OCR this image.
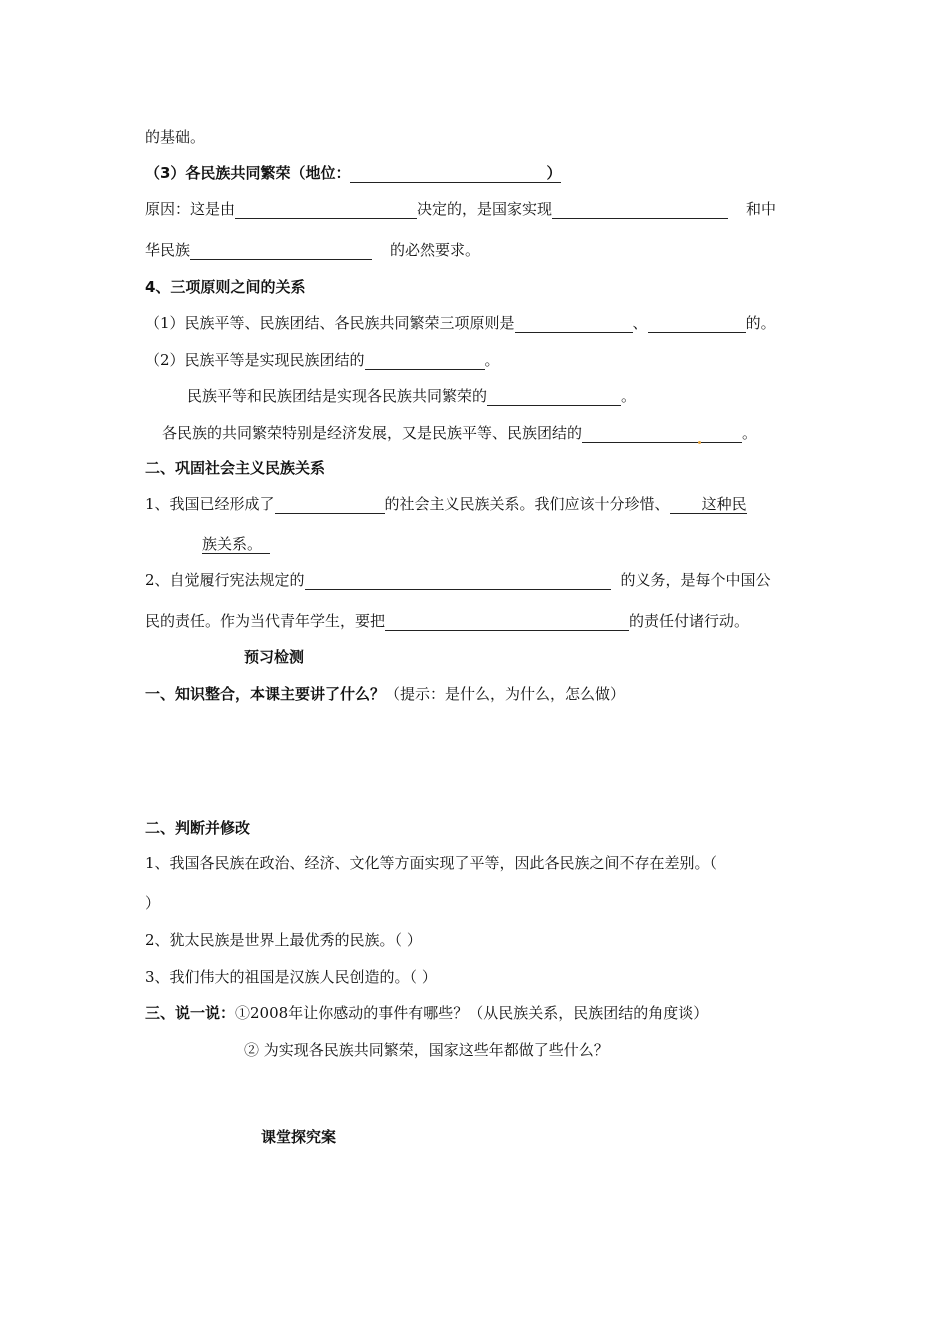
的基础。
（3）各民族共同繁荣（地位：	）
原因：这是由	决定的，是国家实现	和中
华民族	的必然要求。
4、三项原则之间的关系
（1）民族平等、民族团结、各民族共同繁荣三项原则是	、	的。
（2）民族平等是实现民族团结的	。
民族平等和民族团结是实现各民族共同繁荣的	。
各民族的共同繁荣特别是经济发展，又是民族平等、民族团结的	。
二、巩固社会主义民族关系
1、我国已经形成了	的社会主义民族关系。我们应该十分珍惜、 这种民
族关系。
2、自觉履行宪法规定的	的义务，是每个中国公
民的责任。作为当代青年学生，要把	的责任付诸行动。
预习检测
一、知识整合，本课主要讲了什么？（提示：是什么，为什么，怎么做）
二、判断并修改
1、我国各民族在政治、经济、文化等方面实现了平等，因此各民族之间不存在差别。（
）
2、犹太民族是世界上最优秀的民族。（ ）
3、我们伟大的祖国是汉族人民创造的。（ ）
三、说一说：①2008年让你感动的事件有哪些？（从民族关系，民族团结的角度谈）
② 为实现各民族共同繁荣，国家这些年都做了些什么？
课堂探究案
